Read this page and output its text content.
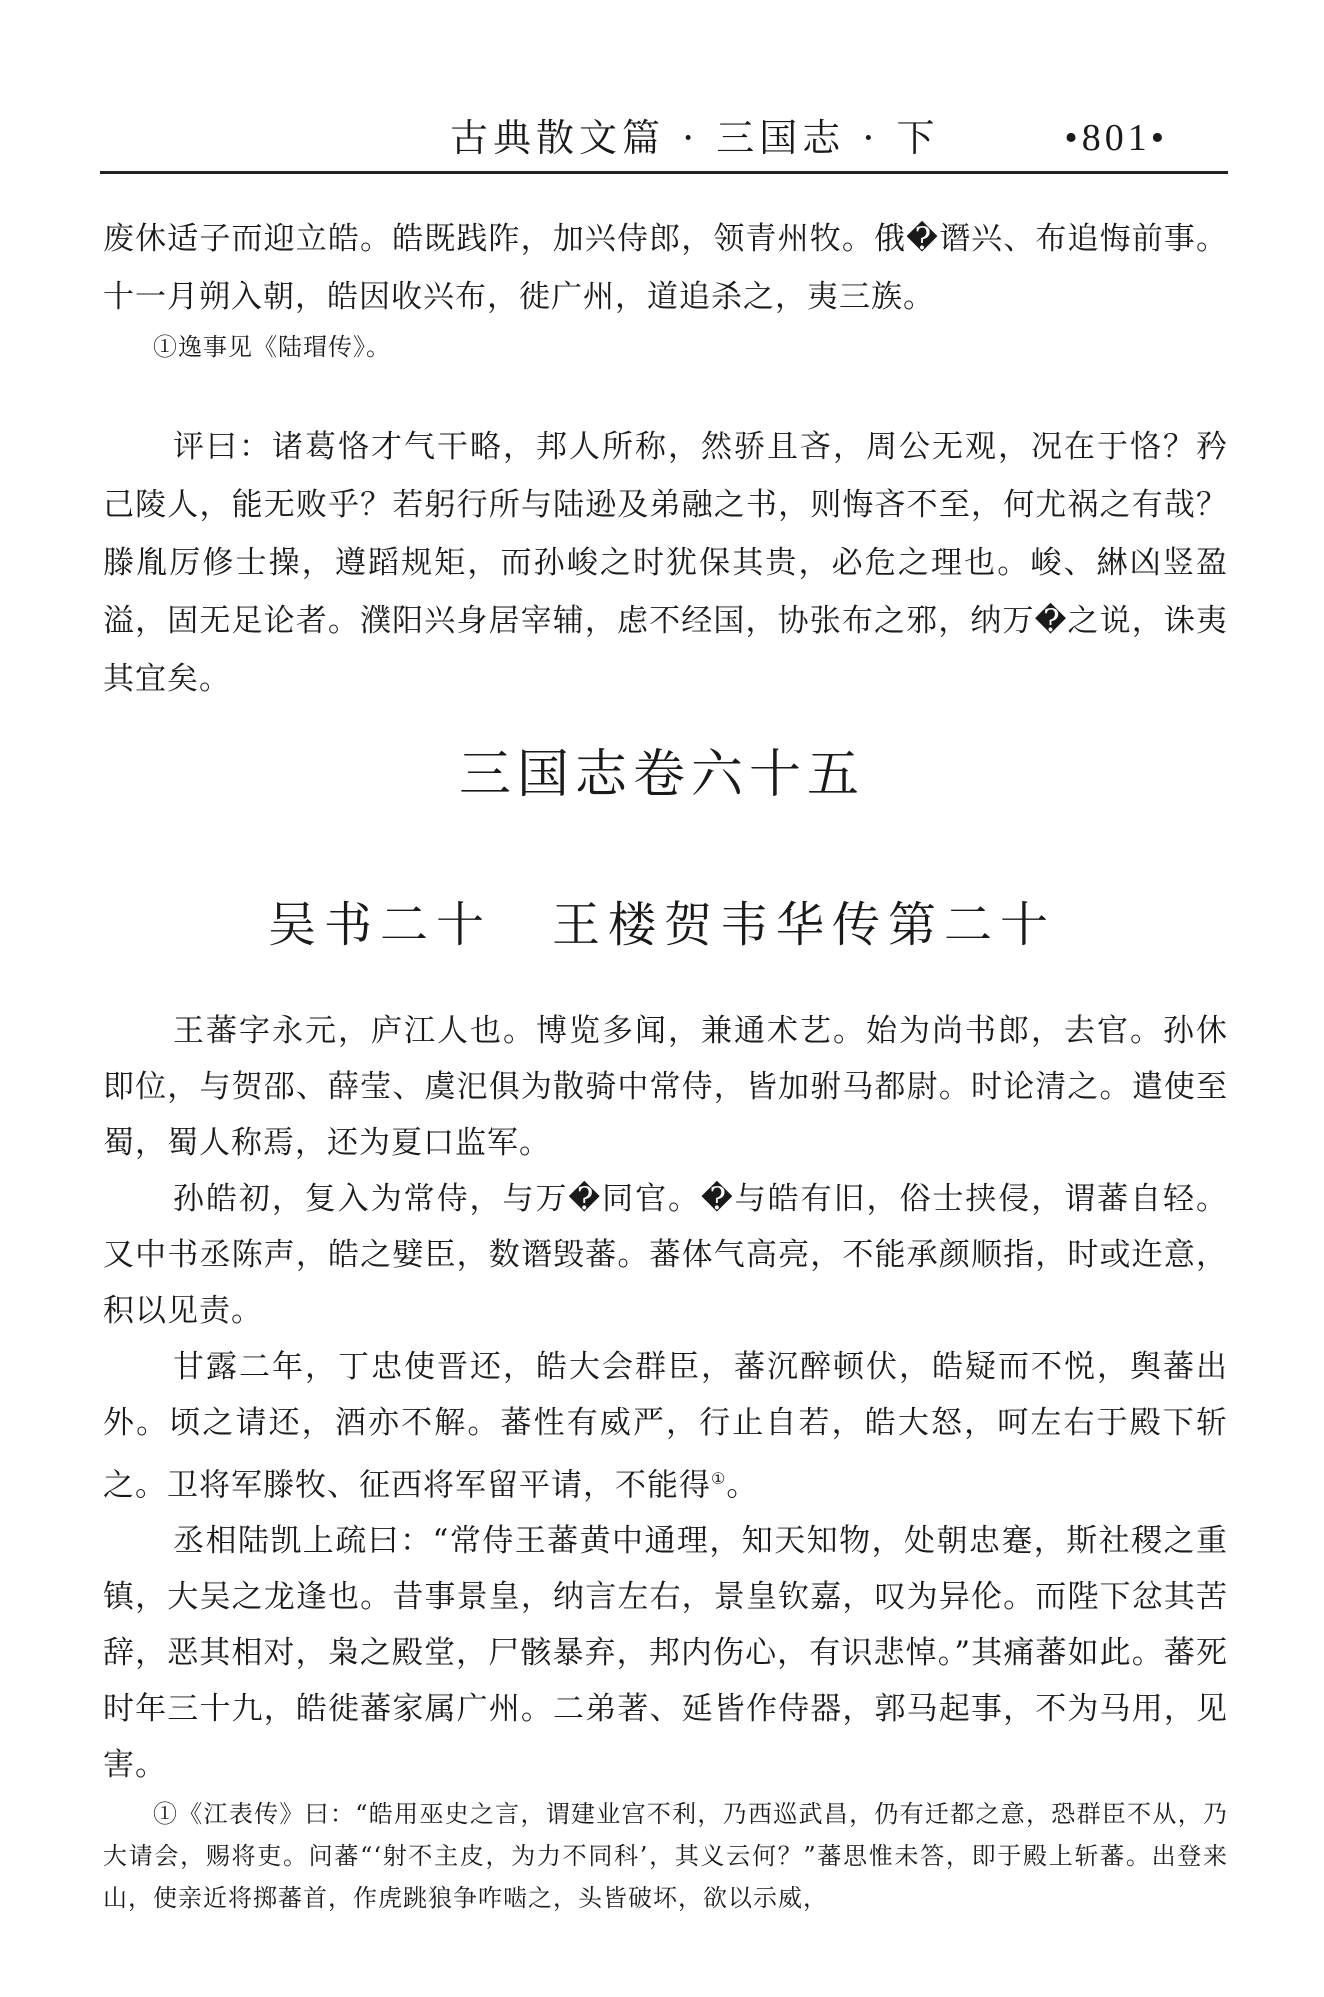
古典散文篇 · 三国志 · 下	•801•

废休适子而迎立皓。皓既践阼，加兴侍郎，领青州牧。俄�谮兴、布追悔前事。十一月朔入朝，皓因收兴布，徙广州，道追杀之，夷三族。

①逸事见《陆瑁传》。

评曰：诸葛恪才气干略，邦人所称，然骄且吝，周公无观，况在于恪？矜己陵人，能无败乎？若躬行所与陆逊及弟融之书，则悔吝不至，何尤祸之有哉？滕胤厉修士操，遵蹈规矩，而孙峻之时犹保其贵，必危之理也。峻、綝凶竖盈溢，固无足论者。濮阳兴身居宰辅，虑不经国，协张布之邪，纳万�之说，诛夷其宜矣。

三国志卷六十五
吴书二十 王楼贺韦华传第二十

王蕃字永元，庐江人也。博览多闻，兼通术艺。始为尚书郎，去官。孙休即位，与贺邵、薛莹、虞汜俱为散骑中常侍，皆加驸马都尉。时论清之。遣使至蜀，蜀人称焉，还为夏口监军。

孙皓初，复入为常侍，与万�同官。�与皓有旧，俗士挟侵，谓蕃自轻。又中书丞陈声，皓之嬖臣，数谮毁蕃。蕃体气高亮，不能承颜顺指，时或迕意，积以见责。

甘露二年，丁忠使晋还，皓大会群臣，蕃沉醉顿伏，皓疑而不悦，舆蕃出外。顷之请还，酒亦不解。蕃性有威严，行止自若，皓大怒，呵左右于殿下斩之。卫将军滕牧、征西将军留平请，不能得①。

丞相陆凯上疏曰：“常侍王蕃黄中通理，知天知物，处朝忠蹇，斯社稷之重镇，大吴之龙逢也。昔事景皇，纳言左右，景皇钦嘉，叹为异伦。而陛下忿其苦辞，恶其相对，枭之殿堂，尸骸暴弃，邦内伤心，有识悲悼。”其痛蕃如此。蕃死时年三十九，皓徙蕃家属广州。二弟著、延皆作侍器，郭马起事，不为马用，见害。

①《江表传》曰：“皓用巫史之言，谓建业宫不利，乃西巡武昌，仍有迁都之意，恐群臣不从，乃大请会，赐将吏。问蕃“‘射不主皮，为力不同科’，其义云何？”蕃思惟未答，即于殿上斩蕃。出登来山，使亲近将掷蕃首，作虎跳狼争咋啮之，头皆破坏，欲以示威，
